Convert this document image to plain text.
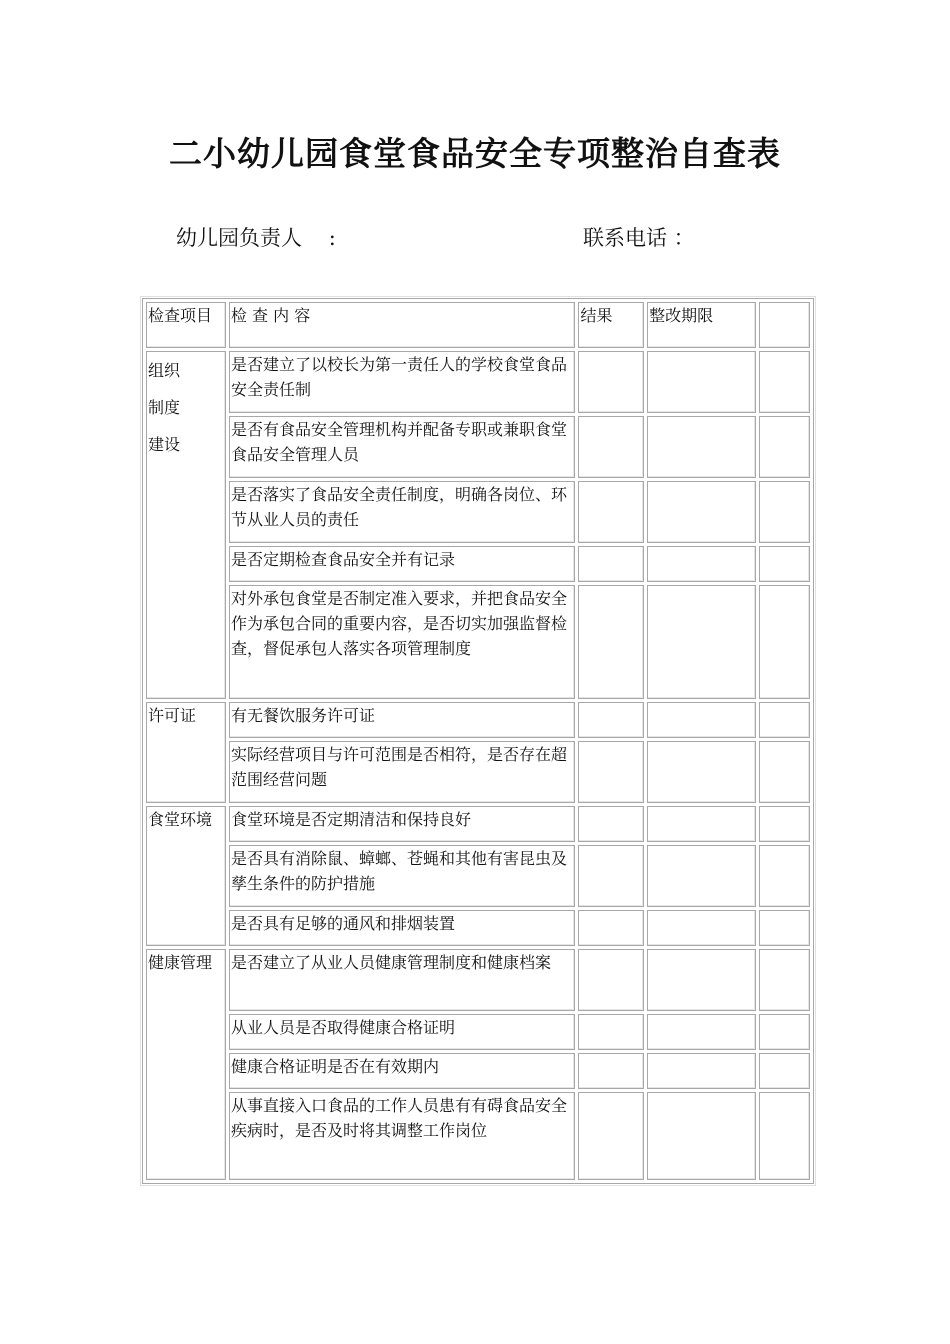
二小幼儿园食堂食品安全专项整治自查表
幼儿园负责人    :	联系电话 ：
检查项目	检 查 内 容	结果	整改期限	

组织
制度
建设	是否建立了以校长为第一责任人的学校食堂食品安全责任制			
	是否有食品安全管理机构并配备专职或兼职食堂食品安全管理人员			
	是否落实了食品安全责任制度，明确各岗位、环节从业人员的责任			
	是否定期检查食品安全并有记录			
	对外承包食堂是否制定准入要求，并把食品安全作为承包合同的重要内容，是否切实加强监督检查，督促承包人落实各项管理制度			

许可证	有无餐饮服务许可证			
	实际经营项目与许可范围是否相符，是否存在超范围经营问题			

食堂环境	食堂环境是否定期清洁和保持良好			
	是否具有消除鼠、蟑螂、苍蝇和其他有害昆虫及孳生条件的防护措施			
	是否具有足够的通风和排烟装置			

健康管理	是否建立了从业人员健康管理制度和健康档案			
	从业人员是否取得健康合格证明			
	健康合格证明是否在有效期内			
	从事直接入口食品的工作人员患有有碍食品安全疾病时，是否及时将其调整工作岗位			
